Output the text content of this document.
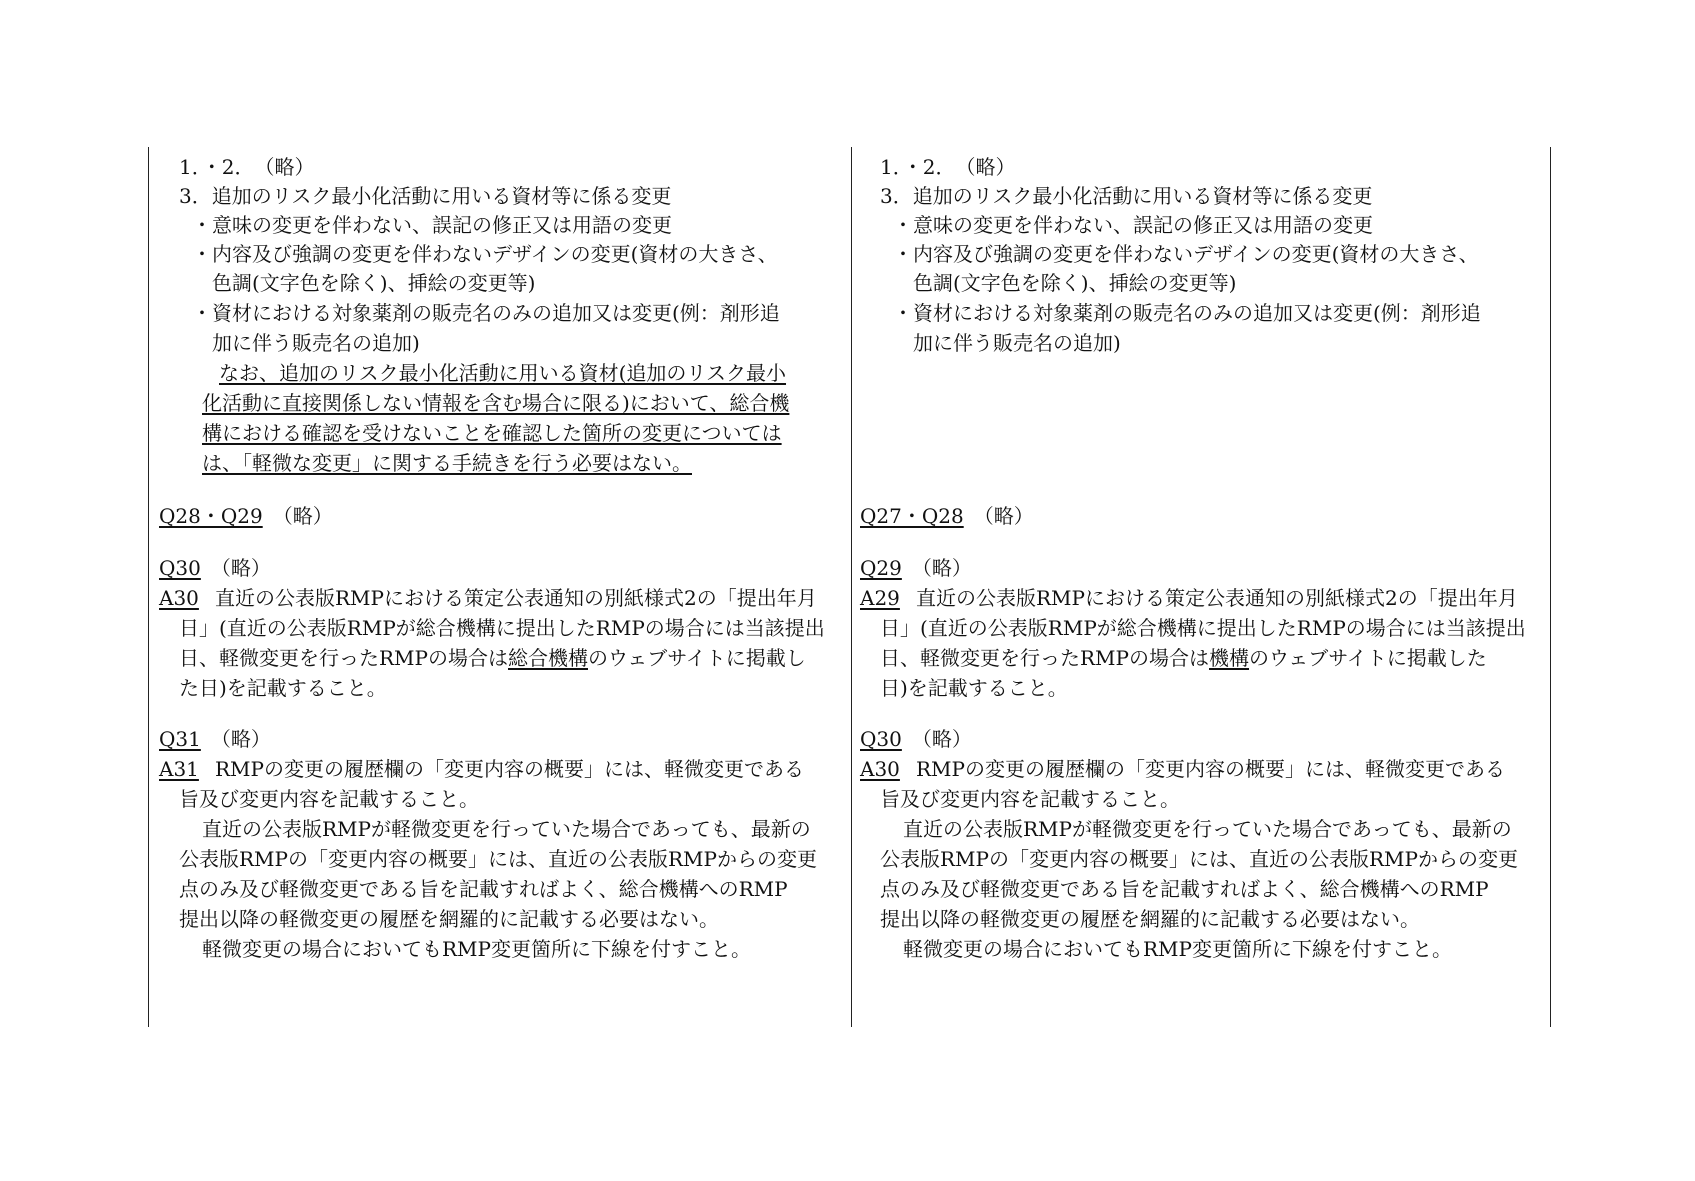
1．・2．　（略）
3．追加のリスク最小化活動に用いる資材等に係る変更
・意味の変更を伴わない、誤記の修正又は用語の変更
・内容及び強調の変更を伴わないデザインの変更(資材の大きさ、
色調(文字色を除く)、挿絵の変更等)
・資材における対象薬剤の販売名のみの追加又は変更(例：剤形追
加に伴う販売名の追加)
なお、追加のリスク最小化活動に用いる資材(追加のリスク最小
化活動に直接関係しない情報を含む場合に限る)において、総合機
構における確認を受けないことを確認した箇所の変更については
は、「軽微な変更」に関する手続きを行う必要はない。
Q28・Q29　 （略）
Q30　 （略）
A30 直近の公表版RMPにおける策定公表通知の別紙様式2の「提出年月
日」(直近の公表版RMPが総合機構に提出したRMPの場合には当該提出
日、軽微変更を行ったRMPの場合は総合機構のウェブサイトに掲載し
た日)を記載すること。
Q31　 （略）
A31 RMPの変更の履歴欄の「変更内容の概要」には、軽微変更である
旨及び変更内容を記載すること。
直近の公表版RMPが軽微変更を行っていた場合であっても、最新の
公表版RMPの「変更内容の概要」には、直近の公表版RMPからの変更
点のみ及び軽微変更である旨を記載すればよく、総合機構へのRMP
提出以降の軽微変更の履歴を網羅的に記載する必要はない。
軽微変更の場合においてもRMP変更箇所に下線を付すこと。
1．・2．　（略）
3．追加のリスク最小化活動に用いる資材等に係る変更
・意味の変更を伴わない、誤記の修正又は用語の変更
・内容及び強調の変更を伴わないデザインの変更(資材の大きさ、
色調(文字色を除く)、挿絵の変更等)
・資材における対象薬剤の販売名のみの追加又は変更(例：剤形追
加に伴う販売名の追加)
Q27・Q28　 （略）
Q29　 （略）
A29 直近の公表版RMPにおける策定公表通知の別紙様式2の「提出年月
日」(直近の公表版RMPが総合機構に提出したRMPの場合には当該提出
日、軽微変更を行ったRMPの場合は機構のウェブサイトに掲載した
日)を記載すること。
Q30　 （略）
A30 RMPの変更の履歴欄の「変更内容の概要」には、軽微変更である
旨及び変更内容を記載すること。
直近の公表版RMPが軽微変更を行っていた場合であっても、最新の
公表版RMPの「変更内容の概要」には、直近の公表版RMPからの変更
点のみ及び軽微変更である旨を記載すればよく、総合機構へのRMP
提出以降の軽微変更の履歴を網羅的に記載する必要はない。
軽微変更の場合においてもRMP変更箇所に下線を付すこと。
